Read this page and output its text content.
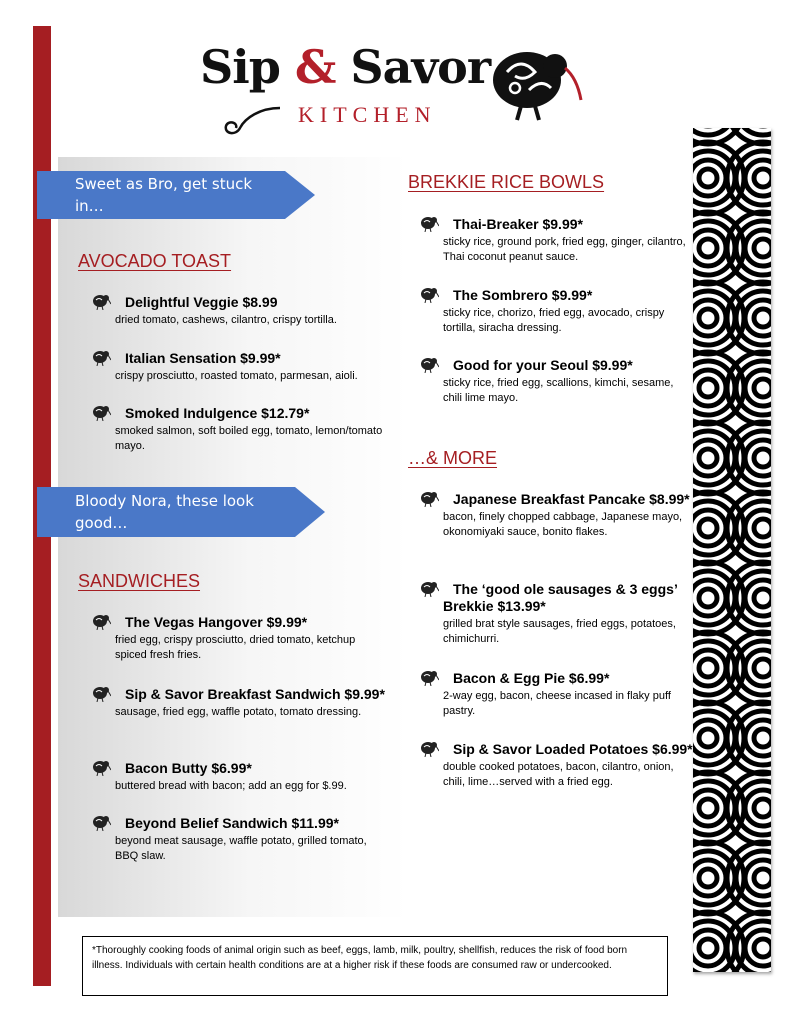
Sip & Savor
KITCHEN
Sweet as Bro, get stuck in…
Bloody Nora, these look
good…
AVOCADO TOAST
SANDWICHES
BREKKIE RICE BOWLS
…& MORE
Delightful Veggie $8.99
dried tomato, cashews, cilantro, crispy tortilla.
Italian Sensation $9.99*
crispy prosciutto, roasted tomato, parmesan, aioli.
Smoked Indulgence $12.79*
smoked salmon, soft boiled egg, tomato, lemon/tomato mayo.
The Vegas Hangover $9.99*
fried egg, crispy prosciutto, dried tomato, ketchup spiced fresh fries.
Sip & Savor Breakfast Sandwich $9.99*
sausage, fried egg, waffle potato, tomato dressing.
Bacon Butty $6.99*
buttered bread with bacon; add an egg for $.99.
Beyond Belief Sandwich $11.99*
beyond meat sausage, waffle potato, grilled tomato, BBQ slaw.
Thai-Breaker $9.99*
sticky rice, ground pork, fried egg, ginger, cilantro, Thai coconut peanut sauce.
The Sombrero $9.99*
sticky rice, chorizo, fried egg, avocado, crispy tortilla, siracha dressing.
Good for your Seoul $9.99*
sticky rice, fried egg, scallions, kimchi, sesame, chili lime mayo.
Japanese Breakfast Pancake $8.99*
bacon, finely chopped cabbage, Japanese mayo, okonomiyaki sauce, bonito flakes.
The ‘good ole sausages & 3 eggs’ Brekkie $13.99*
grilled brat style sausages, fried eggs, potatoes, chimichurri.
Bacon & Egg Pie $6.99*
2-way egg, bacon, cheese incased in flaky puff pastry.
Sip & Savor Loaded Potatoes $6.99*
double cooked potatoes, bacon, cilantro, onion, chili, lime…served with a fried egg.
*Thoroughly cooking foods of animal origin such as beef, eggs, lamb, milk, poultry, shellfish, reduces the risk of food born illness. Individuals with certain health conditions are at a higher risk if these foods are consumed raw or undercooked.
